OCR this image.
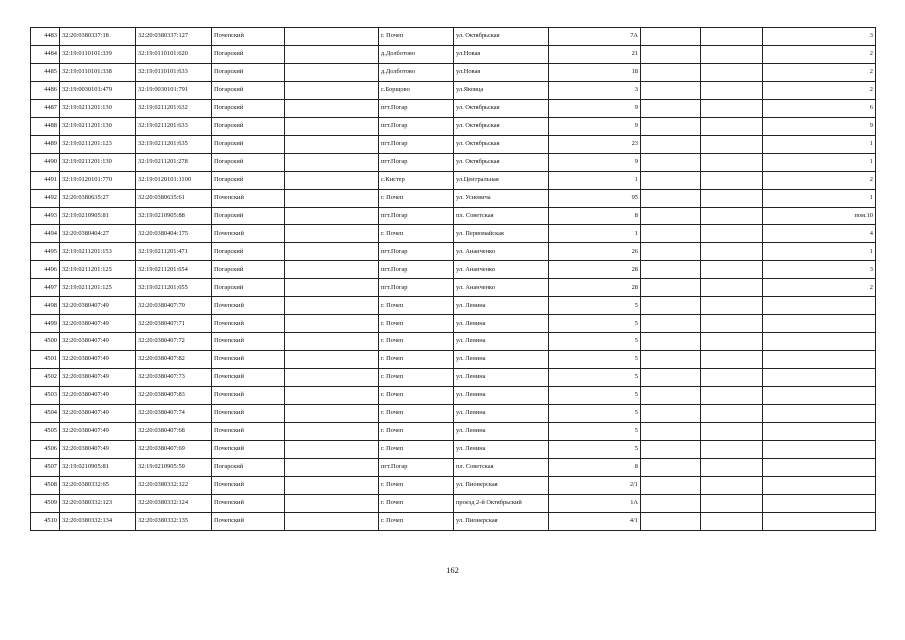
4483	32:20:0380337:18	32:20:0380337:127	Почепский		г. Почеп	ул. Октябрьская	7А			3
4484	32:19:0110101:339	32:19:0110101:620	Погарский		д.Долботово	ул.Новая	21			2
4485	32:19:0110101:338	32:19:0110101:633	Погарский		д.Долботово	ул.Новая	18			2
4486	32:19:0030101:479	32:19:0030101:791	Погарский		с.Борщово	ул.Яковца	3			2
4487	32:19:0211201:130	32:19:0211201:632	Погарский		пгт.Погар	ул. Октябрьская	9			6
4488	32:19:0211201:130	32:19:0211201:633	Погарский		пгт.Погар	ул. Октябрьская	9			9
4489	32:19:0211201:123	32:19:0211201:635	Погарский		пгт.Погар	ул. Октябрьская	23			1
4490	32:19:0211201:130	32:19:0211201:278	Погарский		пгт.Погар	ул. Октябрьская	9			1
4491	32:19:0120101:770	32:19:0120101:1100	Погарский		с.Кистер	ул.Центральная	1			2
4492	32:20:0380635:27	32:20:0380635:61	Почепский		г. Почеп	ул. Усиевича	95			1
4493	32:19:0210905:81	32:19:0210905:88	Погарский		пгт.Погар	пл. Советская	8			пом.10
4494	32:20:0380404:27	32:20:0380404:175	Почепский		г. Почеп	ул. Первомайская	1			4
4495	32:19:0211201:153	32:19:0211201:471	Погарский		пгт.Погар	ул. Ананченко	26			1
4496	32:19:0211201:125	32:19:0211201:654	Погарский		пгт.Погар	ул. Ананченко	28			3
4497	32:19:0211201:125	32:19:0211201:655	Погарский		пгт.Погар	ул. Ананченко	28			2
4498	32:20:0380407:49	32:20:0380407:70	Почепский		г. Почеп	ул. Ленина	5			
4499	32:20:0380407:49	32:20:0380407:71	Почепский		г. Почеп	ул. Ленина	5			
4500	32:20:0380407:49	32:20:0380407:72	Почепский		г. Почеп	ул. Ленина	5			
4501	32:20:0380407:49	32:20:0380407:82	Почепский		г. Почеп	ул. Ленина	5			
4502	32:20:0380407:49	32:20:0380407:73	Почепский		г. Почеп	ул. Ленина	5			
4503	32:20:0380407:49	32:20:0380407:83	Почепский		г. Почеп	ул. Ленина	5			
4504	32:20:0380407:49	32:20:0380407:74	Почепский		г. Почеп	ул. Ленина	5			
4505	32:20:0380407:49	32:20:0380407:68	Почепский		г. Почеп	ул. Ленина	5			
4506	32:20:0380407:49	32:20:0380407:69	Почепский		г. Почеп	ул. Ленина	5			
4507	32:19:0210905:81	32:19:0210905:59	Погарский		пгт.Погар	пл. Советская	8			
4508	32:20:0380332:65	32:20:0380332:122	Почепский		г. Почеп	ул. Пионерская	2/1			
4509	32:20:0380332:123	32:20:0380332:124	Почепский		г. Почеп	проезд 2-й Октябрьский	1А			
4510	32:20:0380332:134	32:20:0380332:135	Почепский		г. Почеп	ул. Пионерская	4/1			
162
